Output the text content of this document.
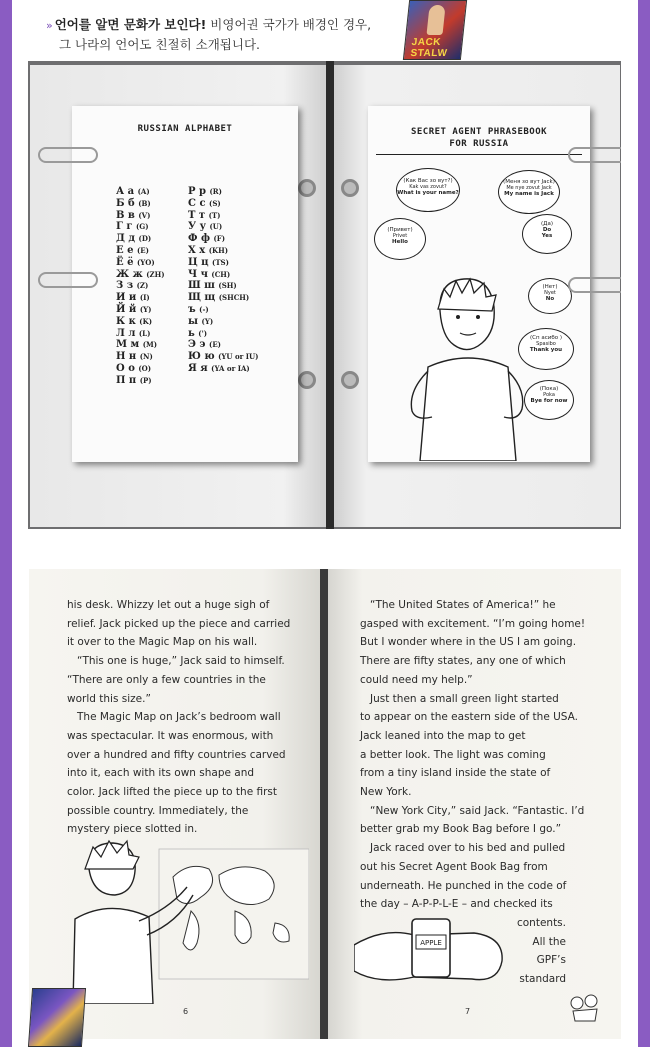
» 언어를 알면 문화가 보인다! 비영어권 국가가 배경인 경우,
그 나라의 언어도 친절히 소개됩니다.	JACK STALW
RUSSIAN ALPHABET
А а (A)
Б б (B)
В в (V)
Г г (G)
Д д (D)
Е е (E)
Ё ё (YO)
Ж ж (ZH)
З з (Z)
И и (I)
Й й (Y)
К к (K)
Л л (L)
М м (M)
Н н (N)
О о (O)
П п (P)
Р р (R)
С с (S)
Т т (T)
У у (U)
Ф ф (F)
Х х (KH)
Ц ц (TS)
Ч ч (CH)
Ш ш (SH)
Щ щ (SHCH)
ъ (-)
ы (Y)
ь (')
Э э (E)
Ю ю (YU or IU)
Я я (YA or IA)
SECRET AGENT PHRASEBOOK
FOR RUSSIA
(Как Вас зо вут?)
Kak vas zovut?
What is your name?
(Меня зо вут Jack)
Me nye zovut Jack
My name is Jack
(Привет)
Privet
Hello
(Да)
Do
Yes
(Нет)
Nyet
No
(Сп асибо )
Spasibo
Thank you
(Пока)
Poka
Bye for now

his desk. Whizzy let out a huge sigh of

relief. Jack picked up the piece and carried

it over to the Magic Map on his wall.

“This one is huge,” Jack said to himself.

“There are only a few countries in the

world this size.”

The Magic Map on Jack’s bedroom wall

was spectacular. It was enormous, with

over a hundred and fifty countries carved

into it, each with its own shape and

color. Jack lifted the piece up to the first

possible country. Immediately, the

mystery piece slotted in.

“The United States of America!” he

gasped with excitement. “I’m going home!

But I wonder where in the US I am going.

There are fifty states, any one of which

could need my help.”

Just then a small green light started

to appear on the eastern side of the USA.

Jack leaned into the map to get

a better look. The light was coming

from a tiny island inside the state of

New York.

“New York City,” said Jack. “Fantastic. I’d

better grab my Book Bag before I go.”

Jack raced over to his bed and pulled

out his Secret Agent Book Bag from

underneath. He punched in the code of

the day – A-P-P-L-E – and checked its

contents.

All the

GPF’s

standard

APPLE
6	7
